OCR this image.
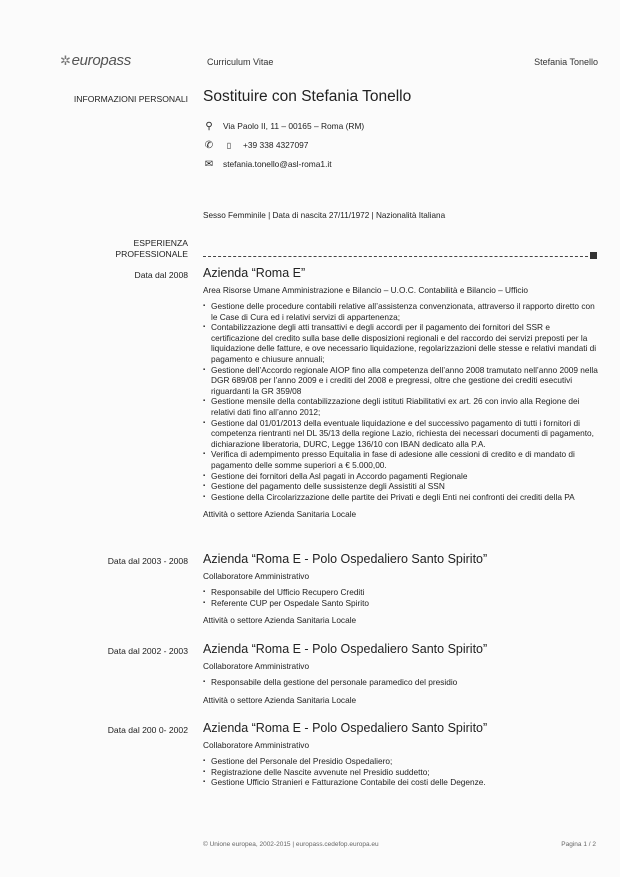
✲europass	Curriculum Vitae	Stefania Tonello
INFORMAZIONI PERSONALI Sostituire con Stefania Tonello
⚲ Via Paolo II, 11 – 00165 – Roma (RM)
✆	▯	+39 338 4327097
✉ stefania.tonello@asl-roma1.it
Sesso Femminile | Data di nascita 27/11/1972 | Nazionalità Italiana
ESPERIENZA
PROFESSIONALE
Data dal 2008 Azienda “Roma E”
Area Risorse Umane Amministrazione e Bilancio – U.O.C. Contabilità e Bilancio – Ufficio
▪ Gestione delle procedure contabili relative all’assistenza convenzionata, attraverso il rapporto diretto con le Case di Cura ed i relativi servizi di appartenenza;
▪ Contabilizzazione degli atti transattivi e degli accordi per il pagamento dei fornitori del SSR e certificazione del credito sulla base delle disposizioni regionali e del raccordo dei servizi preposti per la liquidazione delle fatture, e ove necessario liquidazione, regolarizzazioni delle stesse e relativi mandati di pagamento e chiusure annuali;
▪ Gestione dell’Accordo regionale AIOP fino alla competenza dell’anno 2008 tramutato nell’anno 2009 nella DGR 689/08 per l’anno 2009 e i crediti del 2008 e pregressi, oltre che gestione dei crediti esecutivi riguardanti la GR 359/08
▪ Gestione mensile della contabilizzazione degli istituti Riabilitativi ex art. 26 con invio alla Regione dei relativi dati fino all’anno 2012;
▪ Gestione dal 01/01/2013 della eventuale liquidazione e del successivo pagamento di tutti i fornitori di competenza rientranti nel DL 35/13 della regione Lazio, richiesta dei necessari documenti di pagamento, dichiarazione liberatoria, DURC, Legge 136/10 con IBAN dedicato alla P.A.
▪ Verifica di adempimento presso Equitalia in fase di adesione alle cessioni di credito e di mandato di pagamento delle somme superiori a € 5.000,00.
▪ Gestione dei fornitori della Asl pagati in Accordo pagamenti Regionale
▪ Gestione del pagamento delle sussistenze degli Assistiti al SSN
▪ Gestione della Circolarizzazione delle partite dei Privati e degli Enti nei confronti dei crediti della PA
Attività o settore Azienda Sanitaria Locale
Data dal 2003 - 2008 Azienda “Roma E - Polo Ospedaliero Santo Spirito”
Collaboratore Amministrativo
▪ Responsabile del Ufficio Recupero Crediti
▪ Referente CUP per Ospedale Santo Spirito
Attività o settore Azienda Sanitaria Locale
Data dal 2002 - 2003 Azienda “Roma E - Polo Ospedaliero Santo Spirito”
Collaboratore Amministrativo
▪ Responsabile della gestione del personale paramedico del presidio
Attività o settore Azienda Sanitaria Locale
Data dal 200 0- 2002 Azienda “Roma E - Polo Ospedaliero Santo Spirito”
Collaboratore Amministrativo
▪ Gestione del Personale del Presidio Ospedaliero;
▪ Registrazione delle Nascite avvenute nel Presidio suddetto;
▪ Gestione Ufficio Stranieri e Fatturazione Contabile dei costi delle Degenze.
© Unione europea, 2002-2015 | europass.cedefop.europa.eu	Pagina 1 / 2
